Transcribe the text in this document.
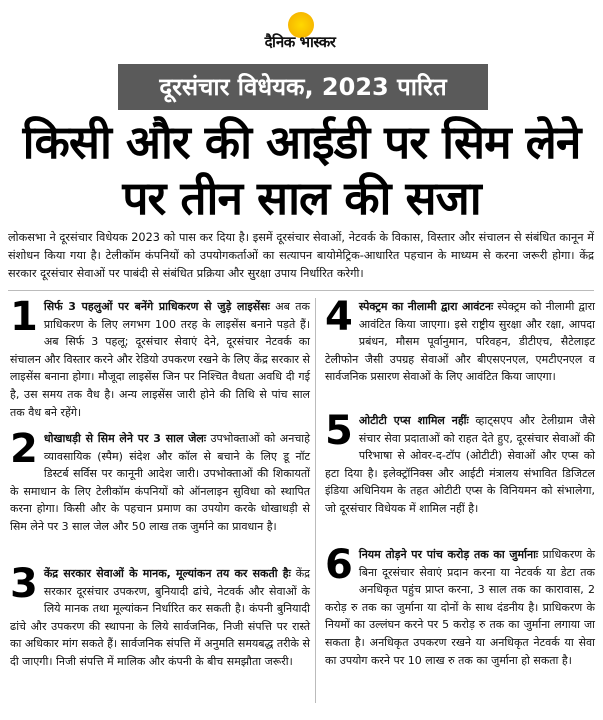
दैनिक भास्कर
दूरसंचार विधेयक, 2023 पारित
किसी और की आईडी पर सिम लेने पर तीन साल की सजा
लोकसभा ने दूरसंचार विधेयक 2023 को पास कर दिया है। इसमें दूरसंचार सेवाओं, नेटवर्क के विकास, विस्तार और संचालन से संबंधित कानून में संशोधन किया गया है। टेलीकॉम कंपनियों को उपयोगकर्ताओं का सत्यापन बायोमेट्रिक-आधारित पहचान के माध्यम से करना जरूरी होगा। केंद्र सरकार दूरसंचार सेवाओं पर पाबंदी से संबंधित प्रक्रिया और सुरक्षा उपाय निर्धारित करेगी।
1 सिर्फ 3 पहलुओं पर बनेंगे प्राधिकरण से जुड़े लाइसेंसः अब तक प्राधिकरण के लिए लगभग 100 तरह के लाइसेंस बनाने पड़ते हैं। अब सिर्फ 3 पहलू; दूरसंचार सेवाएं देने, दूरसंचार नेटवर्क का संचालन और विस्तार करने और रेडियो उपकरण रखने के लिए केंद्र सरकार से लाइसेंस बनाना होगा। मौजूदा लाइसेंस जिन पर निश्चित वैधता अवधि दी गई है, उस समय तक वैध है। अन्य लाइसेंस जारी होने की तिथि से पांच साल तक वैध बने रहेंगे।
2 धोखाधड़ी से सिम लेने पर 3 साल जेलः उपभोक्ताओं को अनचाहे व्यावसायिक (स्पैम) संदेश और कॉल से बचाने के लिए डू नॉट डिस्टर्ब सर्विस पर कानूनी आदेश जारी। उपभोक्ताओं की शिकायतों के समाधान के लिए टेलीकॉम कंपनियों को ऑनलाइन सुविधा को स्थापित करना होगा। किसी और के पहचान प्रमाण का उपयोग करके धोखाधड़ी से सिम लेने पर 3 साल जेल और 50 लाख तक जुर्माने का प्रावधान है।
3 केंद्र सरकार सेवाओं के मानक, मूल्यांकन तय कर सकती हैः केंद्र सरकार दूरसंचार उपकरण, बुनियादी ढांचे, नेटवर्क और सेवाओं के लिये मानक तथा मूल्यांकन निर्धारित कर सकती है। कंपनी बुनियादी ढांचे और उपकरण की स्थापना के लिये सार्वजनिक, निजी संपत्ति पर रास्ते का अधिकार मांग सकते हैं। सार्वजनिक संपत्ति में अनुमति समयबद्ध तरीके से दी जाएगी। निजी संपत्ति में मालिक और कंपनी के बीच समझौता जरूरी।
4 स्पेक्ट्रम का नीलामी द्वारा आवंटनः स्पेक्ट्रम को नीलामी द्वारा आवंटित किया जाएगा। इसे राष्ट्रीय सुरक्षा और रक्षा, आपदा प्रबंधन, मौसम पूर्वानुमान, परिवहन, डीटीएच, सैटेलाइट टेलीफोन जैसी उपग्रह सेवाओं और बीएसएनएल, एमटीएनएल व सार्वजनिक प्रसारण सेवाओं के लिए आवंटित किया जाएगा।
5 ओटीटी एप्स शामिल नहींः व्हाट्सएप और टेलीग्राम जैसे संचार सेवा प्रदाताओं को राहत देते हुए, दूरसंचार सेवाओं की परिभाषा से ओवर-द-टॉप (ओटीटी) सेवाओं और एप्स को हटा दिया है। इलेक्ट्रॉनिक्स और आईटी मंत्रालय संभावित डिजिटल इंडिया अधिनियम के तहत ओटीटी एप्स के विनियमन को संभालेगा, जो दूरसंचार विधेयक में शामिल नहीं है।
6 नियम तोड़ने पर पांच करोड़ तक का जुर्मानाः प्राधिकरण के बिना दूरसंचार सेवाएं प्रदान करना या नेटवर्क या डेटा तक अनधिकृत पहुंच प्राप्त करना, 3 साल तक का कारावास, 2 करोड़ रु तक का जुर्माना या दोनों के साथ दंडनीय है। प्राधिकरण के नियमों का उल्लंघन करने पर 5 करोड़ रु तक का जुर्माना लगाया जा सकता है। अनधिकृत उपकरण रखने या अनधिकृत नेटवर्क या सेवा का उपयोग करने पर 10 लाख रु तक का जुर्माना हो सकता है।
